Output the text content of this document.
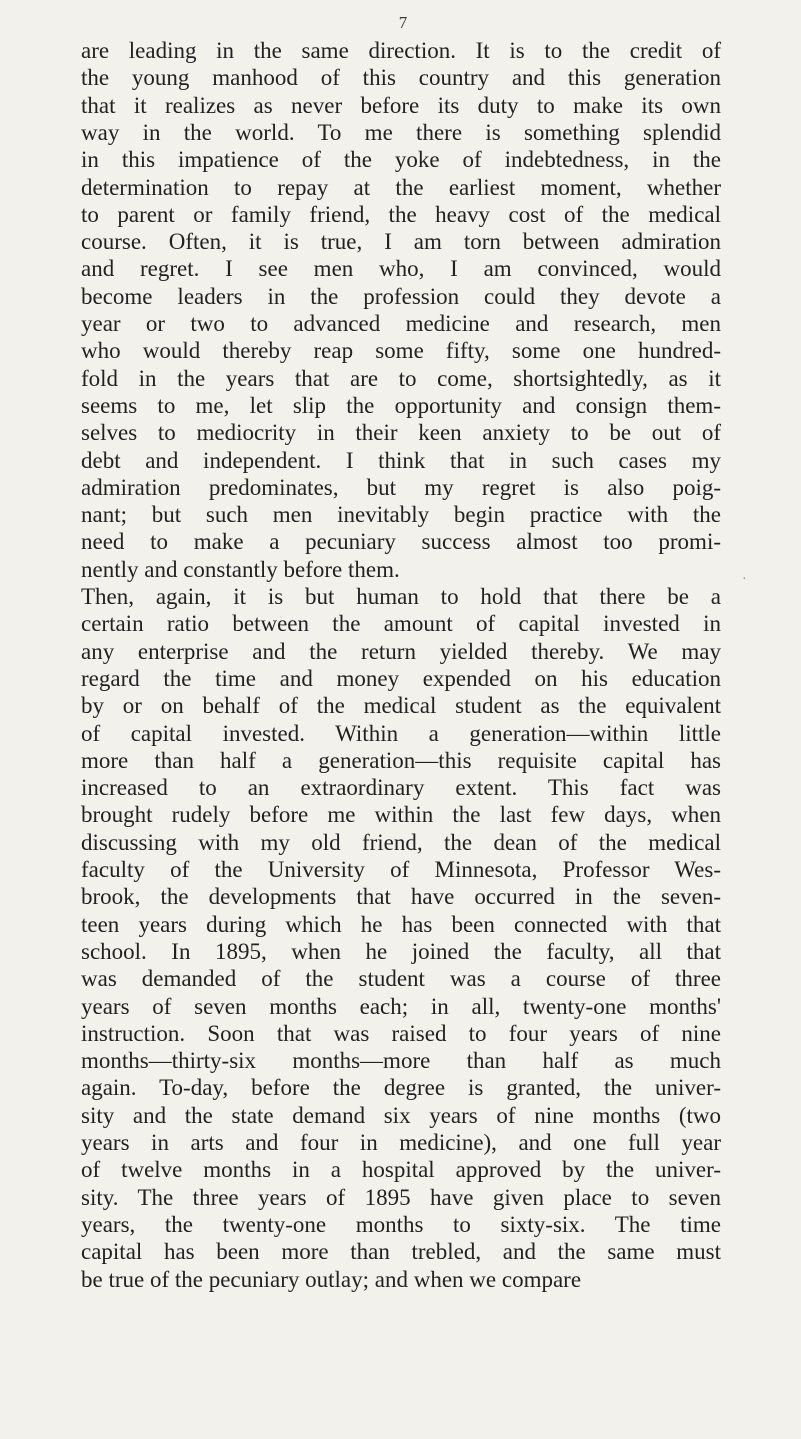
7
are leading in the same direction. It is to the credit of
the young manhood of this country and this generation
that it realizes as never before its duty to make its own
way in the world. To me there is something splendid
in this impatience of the yoke of indebtedness, in the
determination to repay at the earliest moment, whether
to parent or family friend, the heavy cost of the medical
course. Often, it is true, I am torn between admiration
and regret. I see men who, I am convinced, would
become leaders in the profession could they devote a
year or two to advanced medicine and research, men
who would thereby reap some fifty, some one hundred-
fold in the years that are to come, shortsightedly, as it
seems to me, let slip the opportunity and consign them-
selves to mediocrity in their keen anxiety to be out of
debt and independent. I think that in such cases my
admiration predominates, but my regret is also poig-
nant; but such men inevitably begin practice with the
need to make a pecuniary success almost too promi-
nently and constantly before them.
Then, again, it is but human to hold that there be a
certain ratio between the amount of capital invested in
any enterprise and the return yielded thereby. We may
regard the time and money expended on his education
by or on behalf of the medical student as the equivalent
of capital invested. Within a generation—within little
more than half a generation—this requisite capital has
increased to an extraordinary extent. This fact was
brought rudely before me within the last few days, when
discussing with my old friend, the dean of the medical
faculty of the University of Minnesota, Professor Wes-
brook, the developments that have occurred in the seven-
teen years during which he has been connected with that
school. In 1895, when he joined the faculty, all that
was demanded of the student was a course of three
years of seven months each; in all, twenty-one months'
instruction. Soon that was raised to four years of nine
months—thirty-six months—more than half as much
again. To-day, before the degree is granted, the univer-
sity and the state demand six years of nine months (two
years in arts and four in medicine), and one full year
of twelve months in a hospital approved by the univer-
sity. The three years of 1895 have given place to seven
years, the twenty-one months to sixty-six. The time
capital has been more than trebled, and the same must
be true of the pecuniary outlay; and when we compare
·
